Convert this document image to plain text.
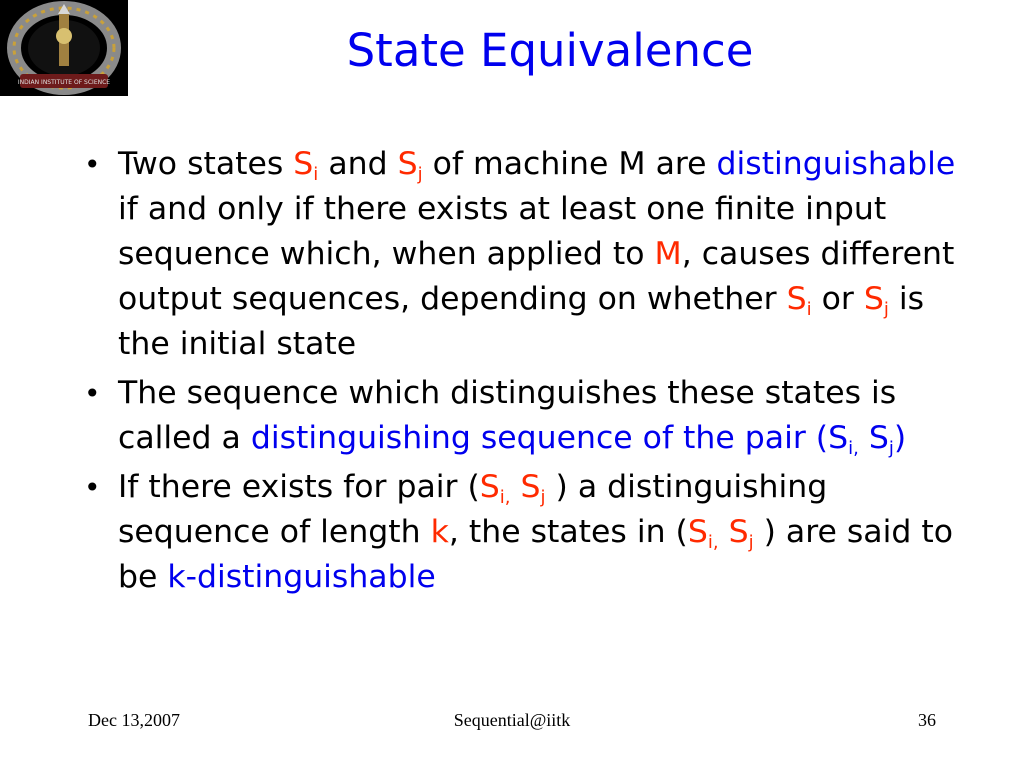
INDIAN INSTITUTE OF SCIENCE
State Equivalence
• Two states $S_i$ and $S_j$ of machine M are distinguishable if and only if there exists at least one finite input sequence which, when applied to M, causes different output sequences, depending on whether $S_i$ or $S_j$ is the initial state
• The sequence which distinguishes these states is called a distinguishing sequence of the pair ($S_{i,}$ $S_j$)
• If there exists for pair ($S_{i,}$ $S_j$ ) a distinguishing sequence of length k, the states in ($S_{i,}$ $S_j$ ) are said to be k-distinguishable
Dec 13,2007	Sequential@iitk	36
